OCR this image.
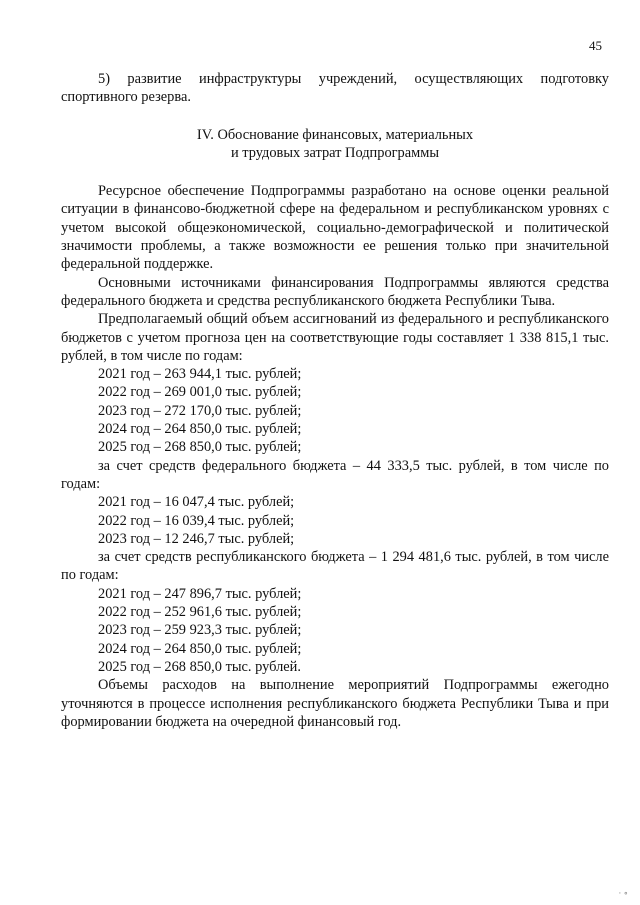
45

5) развитие инфраструктуры учреждений, осуществляющих подготовку спортивного резерва.

IV. Обоснование финансовых, материальных
и трудовых затрат Подпрограммы

Ресурсное обеспечение Подпрограммы разработано на основе оценки реальной ситуации в финансово-бюджетной сфере на федеральном и республиканском уровнях с учетом высокой общеэкономической, социально-демографической и политической значимости проблемы, а также возможности ее решения только при значительной федеральной поддержке.

Основными источниками финансирования Подпрограммы являются средства федерального бюджета и средства республиканского бюджета Республики Тыва.

Предполагаемый общий объем ассигнований из федерального и республиканского бюджетов с учетом прогноза цен на соответствующие годы составляет 1 338 815,1 тыс. рублей, в том числе по годам:

2021 год – 263 944,1 тыс. рублей;
2022 год – 269 001,0 тыс. рублей;
2023 год – 272 170,0 тыс. рублей;
2024 год – 264 850,0 тыс. рублей;
2025 год – 268 850,0 тыс. рублей;

за счет средств федерального бюджета – 44 333,5 тыс. рублей, в том числе по годам:

2021 год – 16 047,4 тыс. рублей;
2022 год – 16 039,4 тыс. рублей;
2023 год – 12 246,7 тыс. рублей;

за счет средств республиканского бюджета – 1 294 481,6 тыс. рублей, в том числе по годам:

2021 год – 247 896,7 тыс. рублей;
2022 год – 252 961,6 тыс. рублей;
2023 год – 259 923,3 тыс. рублей;
2024 год – 264 850,0 тыс. рублей;
2025 год – 268 850,0 тыс. рублей.

Объемы расходов на выполнение мероприятий Подпрограммы ежегодно уточняются в процессе исполнения республиканского бюджета Республики Тыва и при формировании бюджета на очередной финансовый год.

· ∘
